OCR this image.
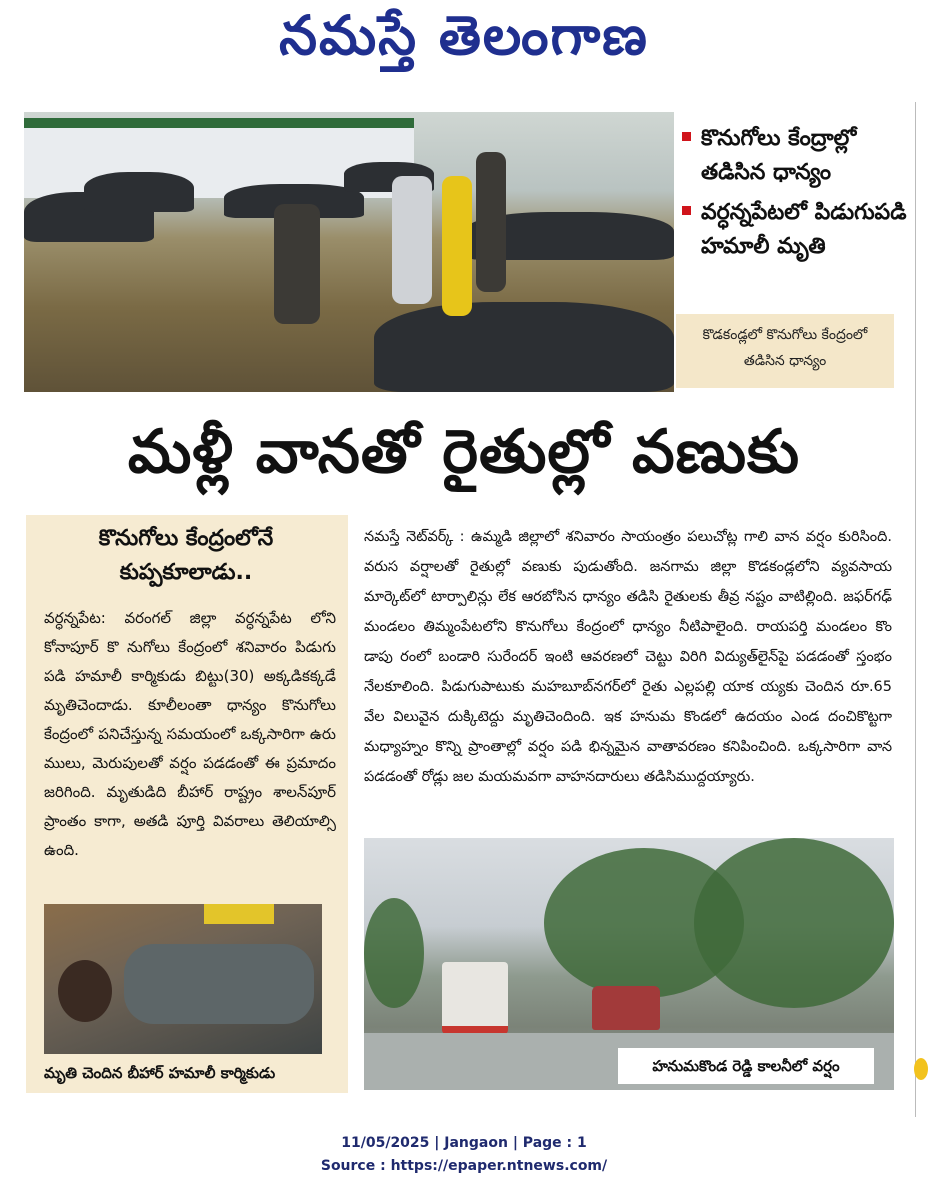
నమస్తే తెలంగాణ
కొనుగోలు కేంద్రాల్లో తడిసిన ధాన్యం
వర్ధన్నపేటలో పిడుగుపడి హమాలీ మృతి
కొడకండ్లలో కొనుగోలు కేంద్రంలో తడిసిన ధాన్యం
మళ్లీ వానతో రైతుల్లో వణుకు
కొనుగోలు కేంద్రంలోనే కుప్పకూలాడు..
వర్ధన్నపేట: వరంగల్ జిల్లా వర్ధన్నపేట లోని కోనాపూర్ కొ నుగోలు కేంద్రంలో శనివారం పిడుగు పడి హమాలీ కార్మికుడు బిట్టు(30) అక్కడికక్కడే మృతిచెందాడు. కూలీలంతా ధాన్యం కొనుగోలు కేంద్రంలో పనిచేస్తున్న సమయంలో ఒక్కసారిగా ఉరు ములు, మెరుపులతో వర్షం పడడంతో ఈ ప్రమాదం జరిగింది. మృతుడిది బీహార్ రాష్ట్రం శాలన్‌పూర్ ప్రాంతం కాగా, అతడి పూర్తి వివరాలు తెలియాల్సి ఉంది.
మృతి చెందిన బీహార్ హమాలీ కార్మికుడు
నమస్తే నెట్‌వర్క్ : ఉమ్మడి జిల్లాలో శనివారం సాయంత్రం పలుచోట్ల గాలి వాన వర్షం కురిసింది. వరుస వర్షాలతో రైతుల్లో వణుకు పుడుతోంది. జనగామ జిల్లా కొడకండ్లలోని వ్యవసాయ మార్కెట్‌లో టార్పాలిన్లు లేక ఆరబోసిన ధాన్యం తడిసి రైతులకు తీవ్ర నష్టం వాటిల్లింది. జఫర్‌గఢ్ మండలం తిమ్మంపేటలోని కొనుగోలు కేంద్రంలో ధాన్యం నీటిపాలైంది. రాయపర్తి మండలం కొం డాపు రంలో బండారి సురేందర్ ఇంటి ఆవరణలో చెట్టు విరిగి విద్యుత్‌లైన్‌పై పడడంతో స్తంభం నేలకూలింది. పిడుగుపాటుకు మహబూబ్‌నగర్‌లో రైతు ఎల్లపల్లి యాక య్యకు చెందిన రూ.65 వేల విలువైన దుక్కిటెద్దు మృతిచెందింది. ఇక హనుమ కొండలో ఉదయం ఎండ దంచికొట్టగా మధ్యాహ్నం కొన్ని ప్రాంతాల్లో వర్షం పడి భిన్నమైన వాతావరణం కనిపించింది. ఒక్కసారిగా వాన పడడంతో రోడ్లు జల మయమవగా వాహనదారులు తడిసిముద్దయ్యారు.
హనుమకొండ రెడ్డి కాలనీలో వర్షం
11/05/2025 | Jangaon | Page : 1
Source : https://epaper.ntnews.com/
